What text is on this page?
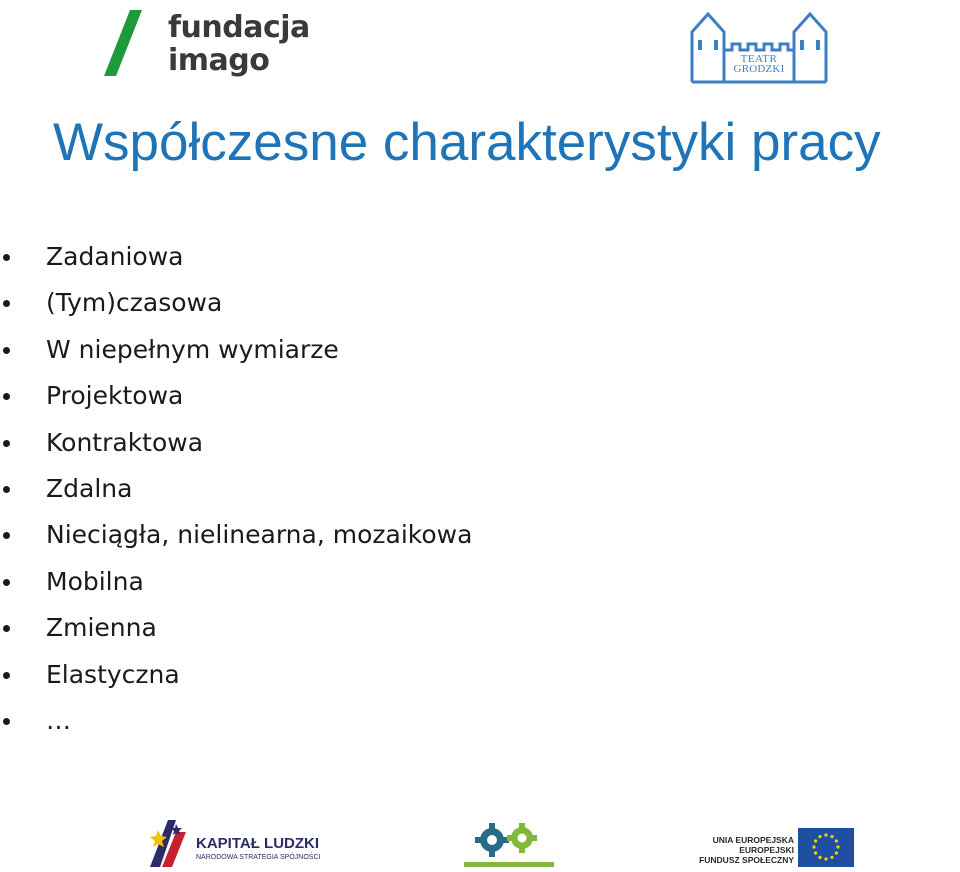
fundacja
imago	TEATR
GRODZKI
Współczesne charakterystyki pracy
Zadaniowa
(Tym)czasowa
W niepełnym wymiarze
Projektowa
Kontraktowa
Zdalna
Nieciągła, nielinearna, mozaikowa
Mobilna
Zmienna
Elastyczna
…
KAPITAŁ LUDZKI
NARODOWA STRATEGIA SPÓJNOŚCI
UNIA EUROPEJSKA
EUROPEJSKI
FUNDUSZ SPOŁECZNY
